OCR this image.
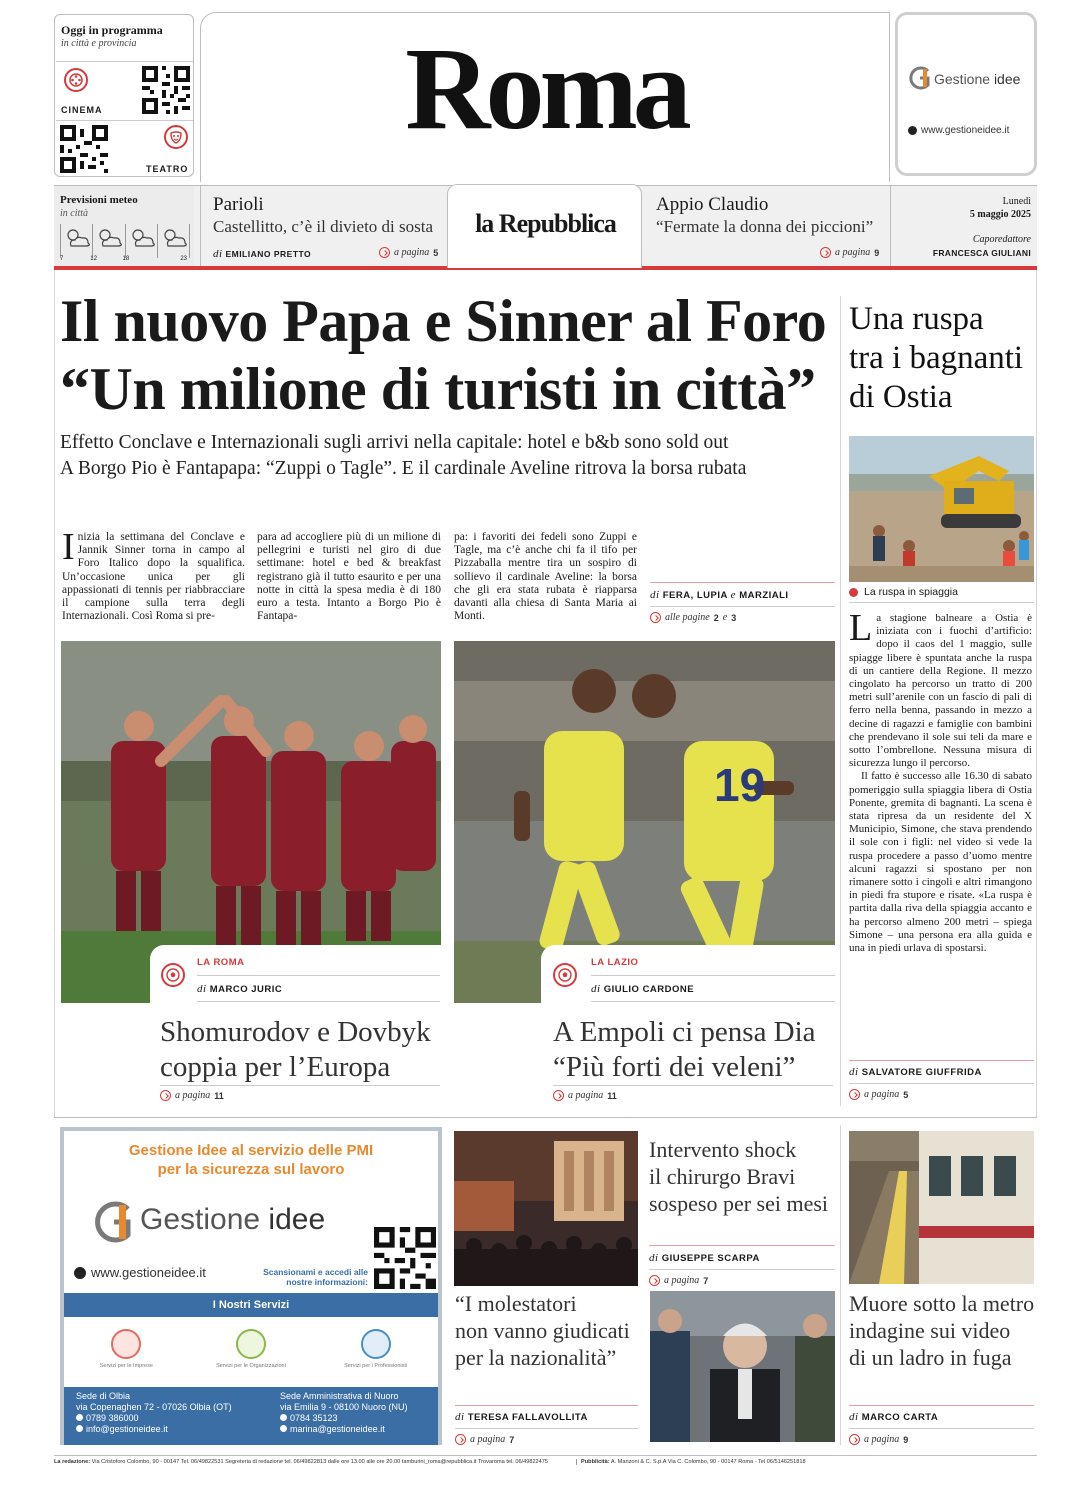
Oggi in programma
in città e provincia
CINEMA
TEATRO
Roma	Gestione idee
www.gestioneidee.it
Previsioni meteo
in città
7	12	18	23
Parioli
Castellitto, c’è il divieto di sosta
di EMILIANO PRETTO	a pagina 5
la Repubblica
Appio Claudio
“Fermate la donna dei piccioni”
a pagina 9
Lunedì
5 maggio 2025
Caporedattore
FRANCESCA GIULIANI
Il nuovo Papa e Sinner al Foro
“Un milione di turisti in città”
Effetto Conclave e Internazionali sugli arrivi nella capitale: hotel e b&b sono sold out
A Borgo Pio è Fantapapa: “Zuppi o Tagle”. E il cardinale Aveline ritrova la borsa rubata
Inizia la settimana del Conclave e Jannik Sinner torna in campo al Foro Italico dopo la squalifica. Un’occasione unica per gli appassionati di tennis per riabbracciare il campione sulla terra degli Internazionali. Così Roma si pre-
para ad accogliere più di un milione di pellegrini e turisti nel giro di due settimane: hotel e bed & breakfast registrano già il tutto esaurito e per una notte in città la spesa media è di 180 euro a testa. Intanto a Borgo Pio è Fantapa-
pa: i favoriti dei fedeli sono Zuppi e Tagle, ma c’è anche chi fa il tifo per Pizzaballa mentre tira un sospiro di sollievo il cardinale Aveline: la borsa che gli era stata rubata è riapparsa davanti alla chiesa di Santa Maria ai Monti.
di FERA, LUPIA e MARZIALI
alle pagine 2 e 3
Una ruspa
tra i bagnanti
di Ostia
La ruspa in spiaggia
La stagione balneare a Ostia è iniziata con i fuochi d’artificio: dopo il caos del 1 maggio, sulle spiagge libere è spuntata anche la ruspa di un cantiere della Regione. Il mezzo cingolato ha percorso un tratto di 200 metri sull’arenile con un fascio di pali di ferro nella benna, passando in mezzo a decine di ragazzi e famiglie con bambini che prendevano il sole sui teli da mare e sotto l’ombrellone. Nessuna misura di sicurezza lungo il percorso.
Il fatto è successo alle 16.30 di sabato pomeriggio sulla spiaggia libera di Ostia Ponente, gremita di bagnanti. La scena è stata ripresa da un residente del X Municipio, Simone, che stava prendendo il sole con i figli: nel video si vede la ruspa procedere a passo d’uomo mentre alcuni ragazzi si spostano per non rimanere sotto i cingoli e altri rimangono in piedi fra stupore e risate. «La ruspa è partita dalla riva della spiaggia accanto e ha percorso almeno 200 metri – spiega Simone – una persona era alla guida e una in piedi urlava di spostarsi.
di SALVATORE GIUFFRIDA
a pagina 5
LA ROMA
di MARCO JURIC
Shomurodov e Dovbyk
coppia per l’Europa
a pagina 11
19
LA LAZIO
di GIULIO CARDONE
A Empoli ci pensa Dia
“Più forti dei veleni”
a pagina 11
Gestione Idee al servizio delle PMI
per la sicurezza sul lavoro
Gestione idee
www.gestioneidee.it	Scansionami e accedi alle
nostre informazioni:
I Nostri Servizi
Servizi per le Imprese	Servizi per le Organizzazioni	Servizi per i Professionisti
Sede di Olbia
via Copenaghen 72 - 07026 Olbia (OT)
0789 386000
info@gestioneidee.it
Sede Amministrativa di Nuoro
via Emilia 9 - 08100 Nuoro (NU)
0784 35123
marina@gestioneidee.it
“I molestatori
non vanno giudicati
per la nazionalità”
di TERESA FALLAVOLLITA
a pagina 7
Intervento shock
il chirurgo Bravi
sospeso per sei mesi
di GIUSEPPE SCARPA
a pagina 7
Muore sotto la metro
indagine sui video
di un ladro in fuga
di MARCO CARTA
a pagina 9
La redazione: Via Cristoforo Colombo, 90 - 00147 Tel. 06/49822531 Segreteria di redazione tel. 06/49822813 dalle ore 13.00 alle ore 20.00 tamburini_roma@repubblica.it Trovaroma tel. 06/49822475	Pubblicità: A. Manzoni & C. S.p.A Via C. Colombo, 90 - 00147 Roma - Tel 06/5146251818
